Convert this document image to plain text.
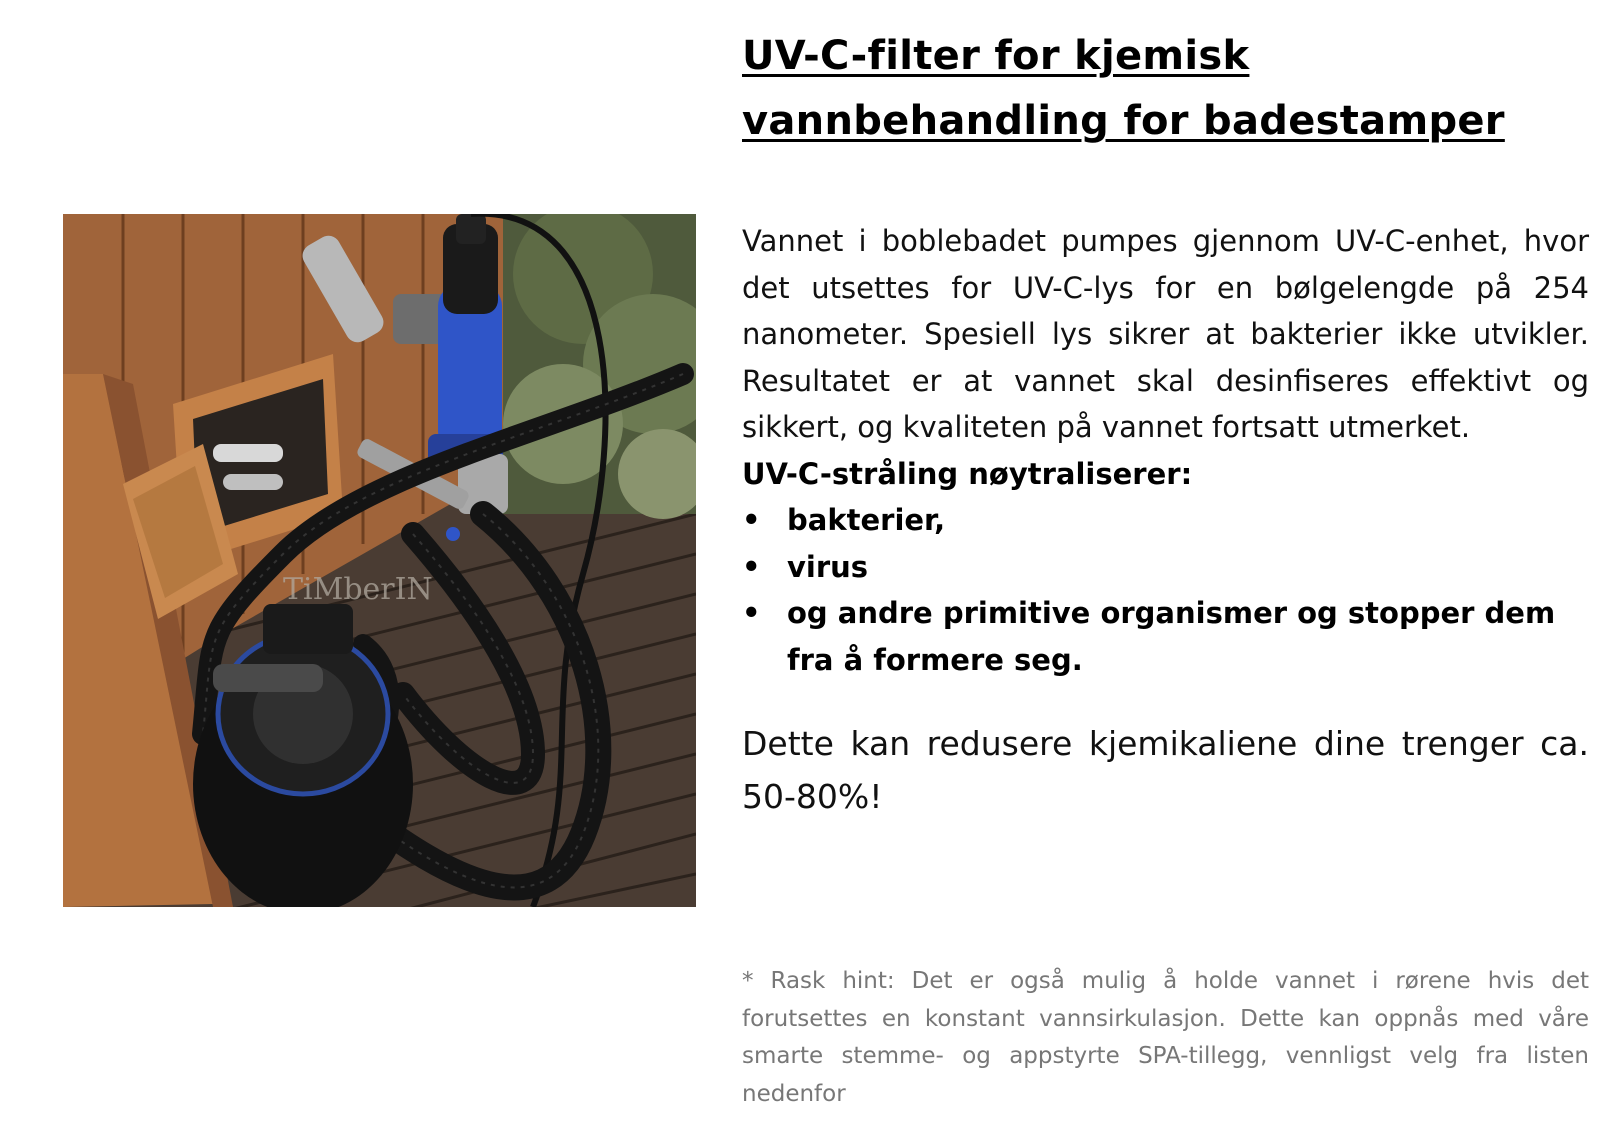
TiMberIN
UV-C-filter for kjemisk vannbehandling for badestamper

Vannet i boblebadet pumpes gjennom UV-C-enhet, hvor det utsettes for UV-C-lys for en bølgelengde på 254 nanometer. Spesiell lys sikrer at bakterier ikke utvikler. Resultatet er at vannet skal desinfiseres effektivt og sikkert, og kvaliteten på vannet fortsatt utmerket.

UV-C-stråling nøytraliserer:

• bakterier,
• virus
• og andre primitive organismer og stopper dem fra å formere seg.

Dette kan redusere kjemikaliene dine trenger ca. 50-80%!

* Rask hint: Det er også mulig å holde vannet i rørene hvis det forutsettes en konstant vannsirkulasjon. Dette kan oppnås med våre smarte stemme- og appstyrte SPA-tillegg, vennligst velg fra listen nedenfor
